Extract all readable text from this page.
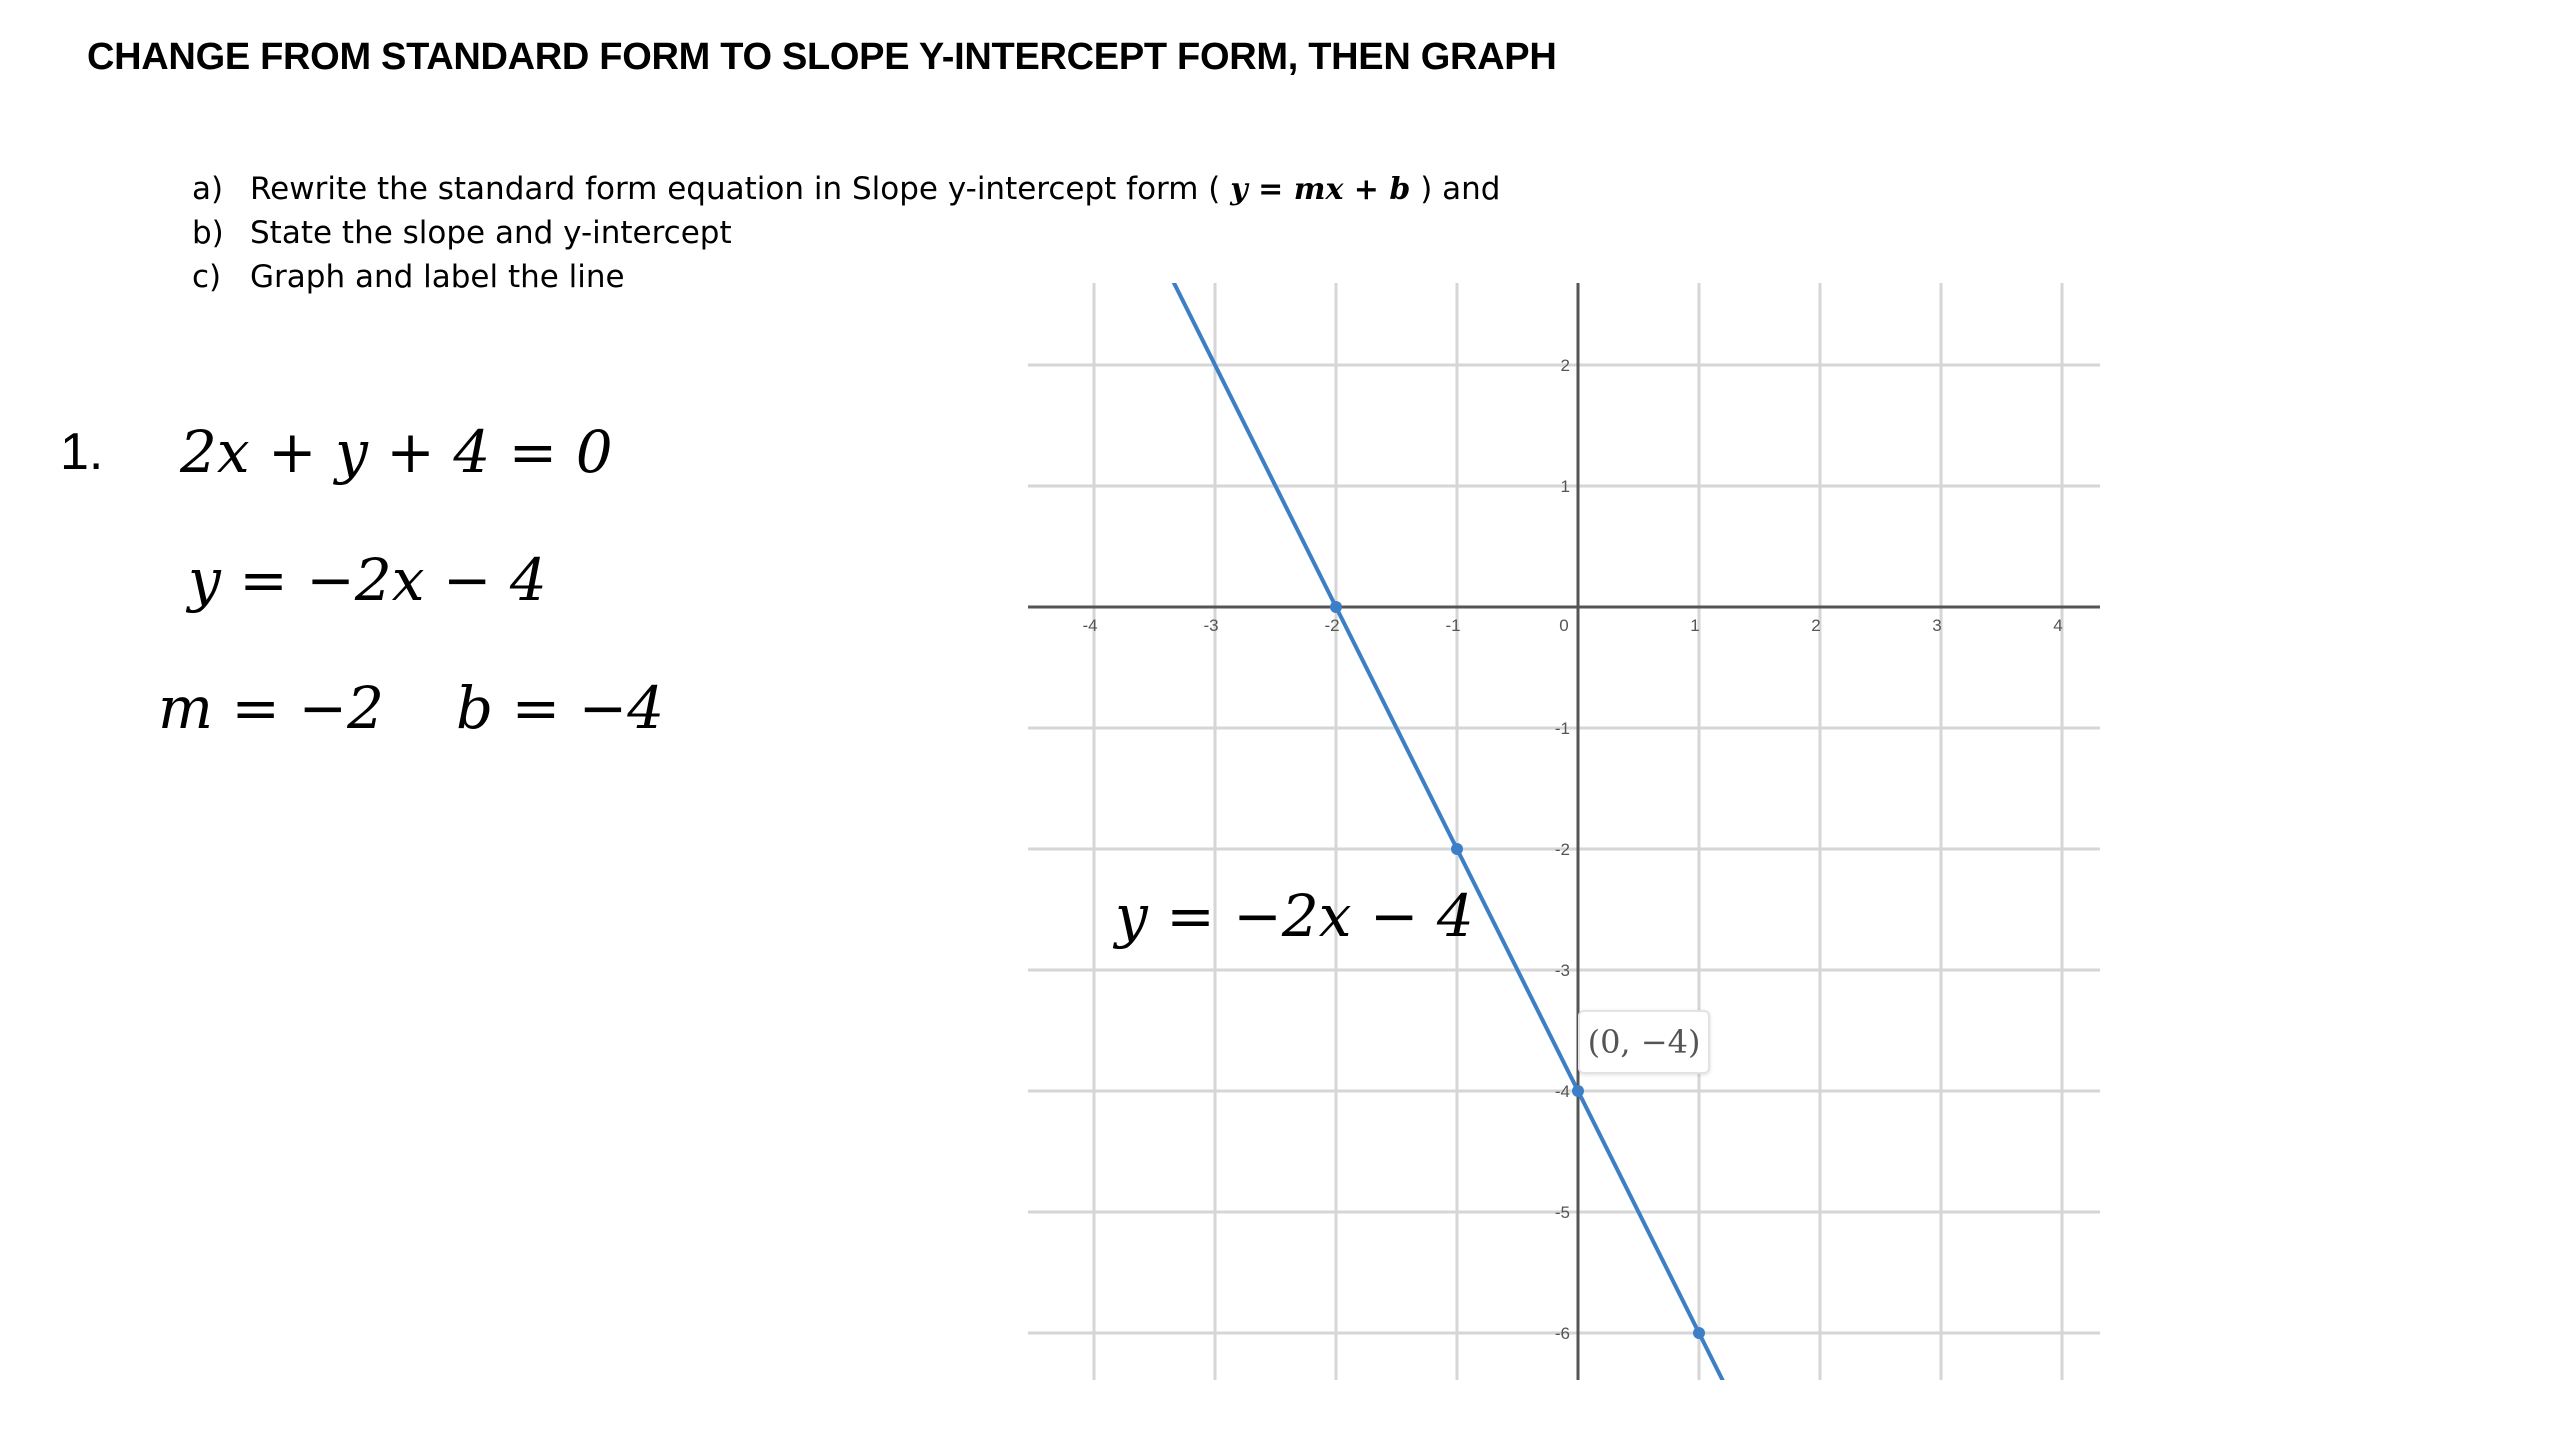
CHANGE FROM STANDARD FORM TO SLOPE Y-INTERCEPT FORM, THEN GRAPH
a) Rewrite the standard form equation in Slope y-intercept form ( y = mx + b ) and
b) State the slope and y-intercept
c) Graph and label the line
1. 2x + y + 4 = 0
y = −2x − 4
m = −2 b = −4
-4	-3	-2	-1	0	1	2	3	4
2
1
-1
-2
-3
-4
-5
-6
y = −2x − 4
(0, −4)
